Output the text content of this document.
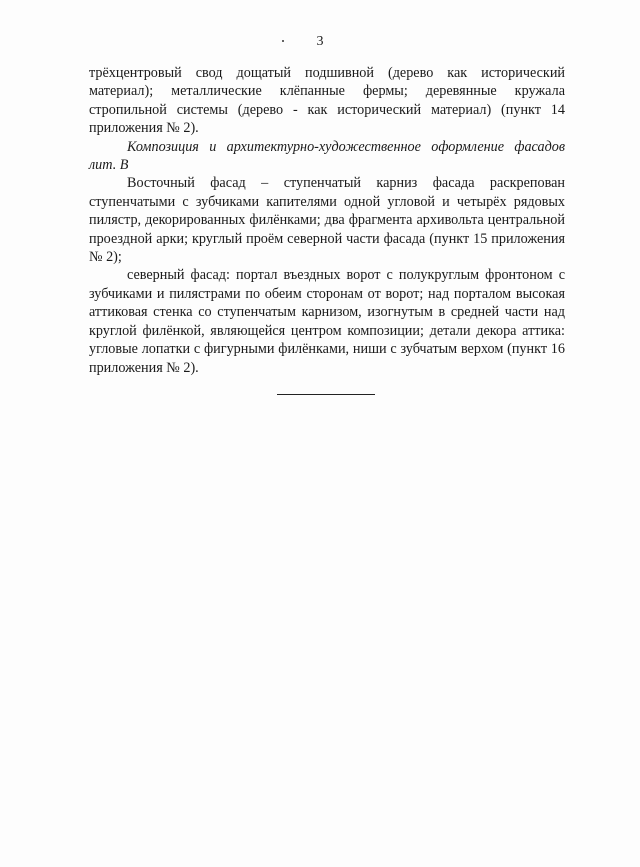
3

трёхцентровый свод дощатый подшивной (дерево как исторический материал); металлические клёпанные фермы; деревянные кружала стропильной системы (дерево - как исторический материал) (пункт 14 приложения № 2).

Композиция и архитектурно-художественное оформление фасадов лит. В

Восточный фасад – ступенчатый карниз фасада раскрепован ступенчатыми с зубчиками капителями одной угловой и четырёх рядовых пилястр, декорированных филёнками; два фрагмента архивольта центральной проездной арки; круглый проём северной части фасада (пункт 15 приложения № 2);

северный фасад: портал въездных ворот с полукруглым фронтоном с зубчиками и пилястрами по обеим сторонам от ворот; над порталом высокая аттиковая стенка со ступенчатым карнизом, изогнутым в средней части над круглой филёнкой, являющейся центром композиции; детали декора аттика: угловые лопатки с фигурными филёнками, ниши с зубчатым верхом (пункт 16 приложения № 2).
